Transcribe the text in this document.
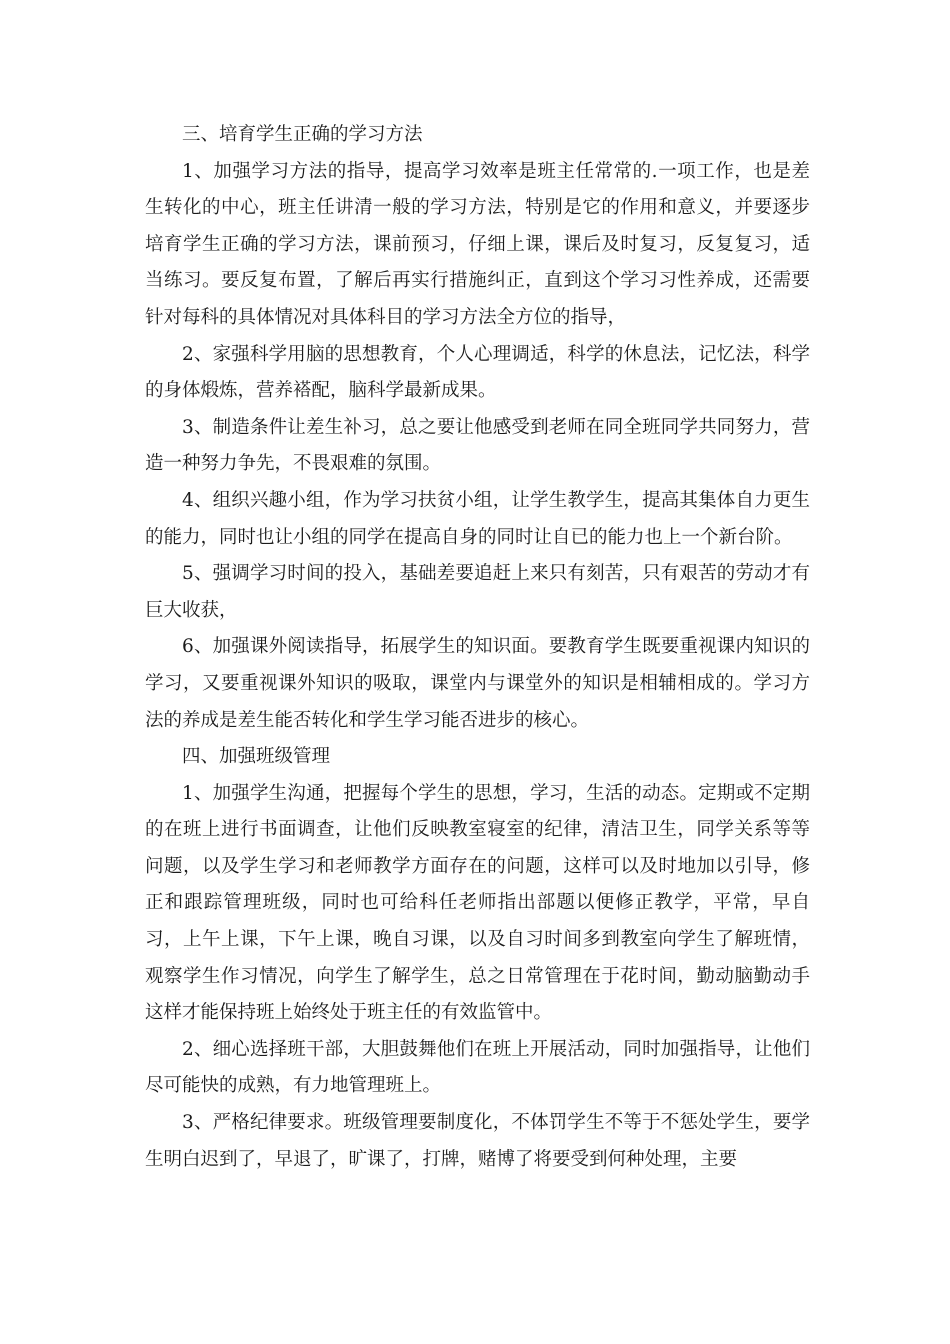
三、培育学生正确的学习方法

1、加强学习方法的指导，提高学习效率是班主任常常的.一项工作，也是差生转化的中心，班主任讲清一般的学习方法，特别是它的作用和意义，并要逐步培育学生正确的学习方法，课前预习，仔细上课，课后及时复习，反复复习，适当练习。要反复布置，了解后再实行措施纠正，直到这个学习习性养成，还需要针对每科的具体情况对具体科目的学习方法全方位的指导，

2、家强科学用脑的思想教育，个人心理调适，科学的休息法，记忆法，科学的身体煅炼，营养褡配，脑科学最新成果。

3、制造条件让差生补习，总之要让他感受到老师在同全班同学共同努力，营造一种努力争先，不畏艰难的氛围。

4、组织兴趣小组，作为学习扶贫小组，让学生教学生，提高其集体自力更生的能力，同时也让小组的同学在提高自身的同时让自已的能力也上一个新台阶。

5、强调学习时间的投入，基础差要追赶上来只有刻苦，只有艰苦的劳动才有巨大收获，

6、加强课外阅读指导，拓展学生的知识面。要教育学生既要重视课内知识的学习，又要重视课外知识的吸取，课堂内与课堂外的知识是相辅相成的。学习方法的养成是差生能否转化和学生学习能否进步的核心。

四、加强班级管理

1、加强学生沟通，把握每个学生的思想，学习，生活的动态。定期或不定期的在班上进行书面调查，让他们反映教室寝室的纪律，清洁卫生，同学关系等等问题，以及学生学习和老师教学方面存在的问题，这样可以及时地加以引导，修正和跟踪管理班级，同时也可给科任老师指出部题以便修正教学，平常，早自习，上午上课，下午上课，晚自习课，以及自习时间多到教室向学生了解班情，观察学生作习情况，向学生了解学生，总之日常管理在于花时间，勤动脑勤动手这样才能保持班上始终处于班主任的有效监管中。

2、细心选择班干部，大胆鼓舞他们在班上开展活动，同时加强指导，让他们尽可能快的成熟，有力地管理班上。

3、严格纪律要求。班级管理要制度化，不体罚学生不等于不惩处学生，要学生明白迟到了，早退了，旷课了，打牌，赌博了将要受到何种处理，主要
